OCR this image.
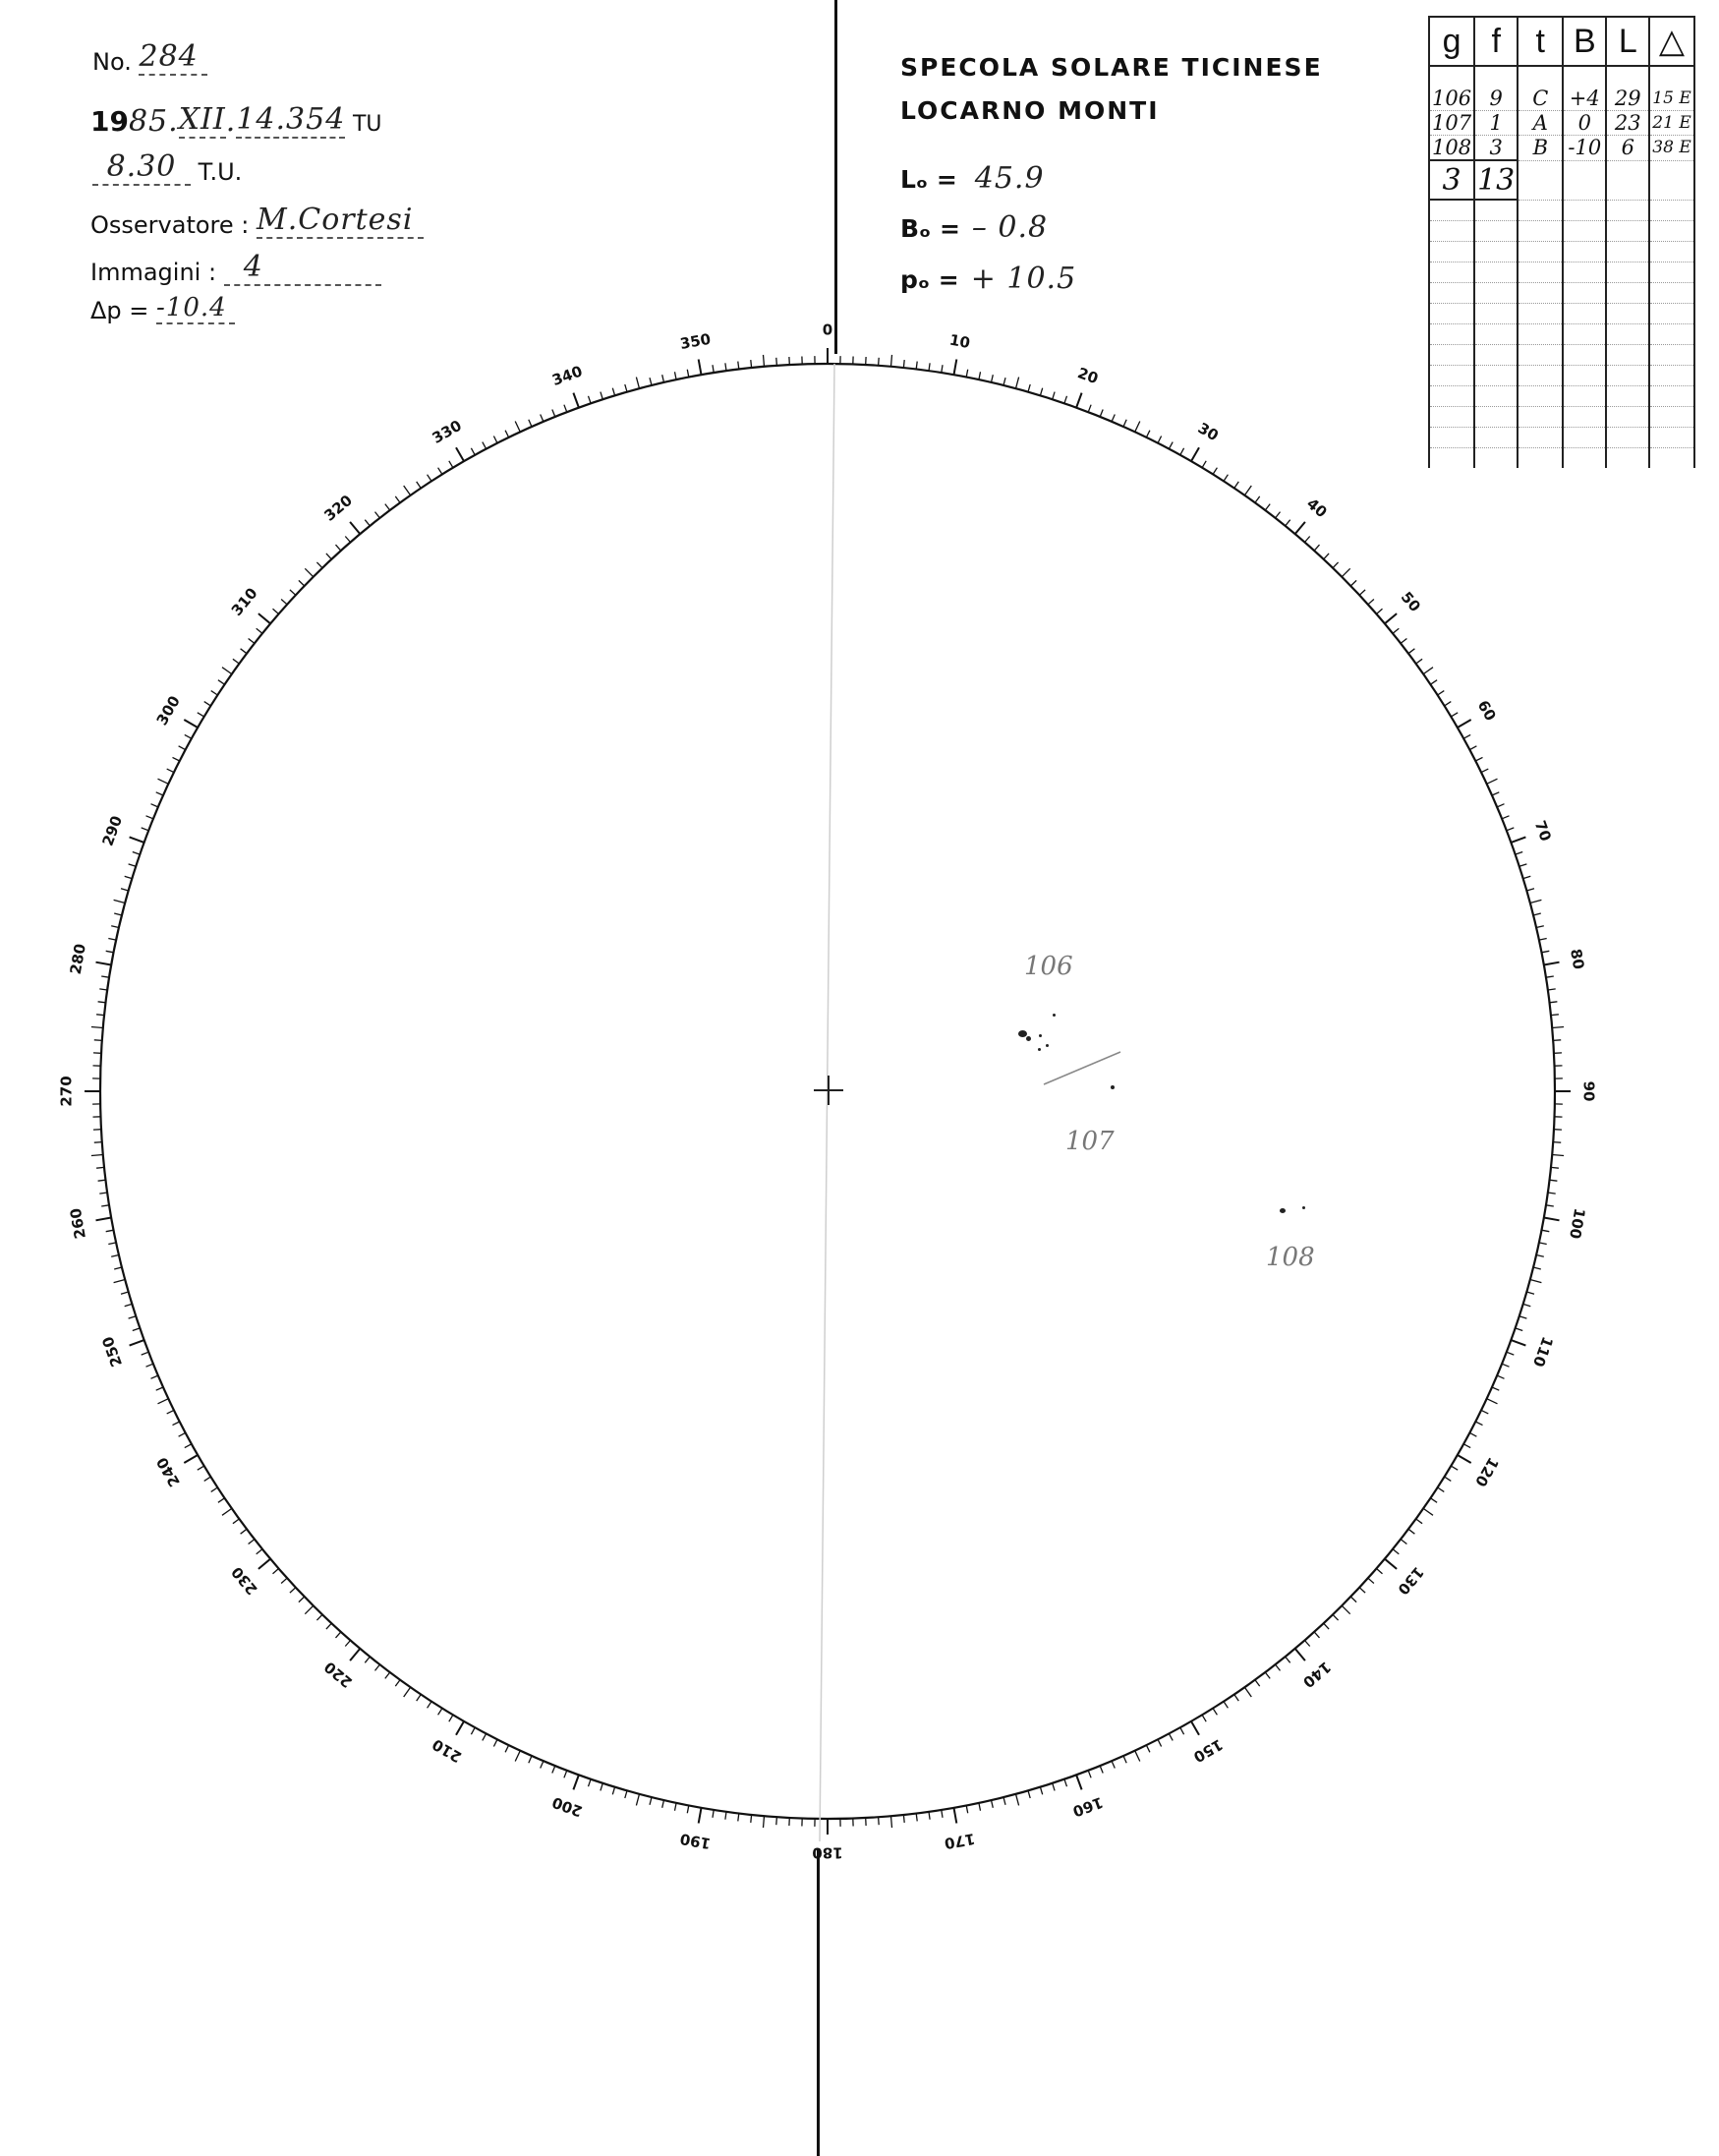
No. 284
1985.XII.14.354 TU
8.30 T.U.
Osservatore : M.Cortesi
Immagini : 4
Δp = -10.4
SPECOLA SOLARE TICINESE
LOCARNO MONTI
Lₒ = 45.9
Bₒ = – 0.8
pₒ = + 10.5
0
10
20
30
40
50
60
70
80
90
100
110
120
130
140
150
160
170
180
190
200
210
220
230
240
250
260
270
280
290
300
310
320
330
340
350
106
107
108
g	f	t	B	L	△

106	9	C	+4	29	15 E
107	1	A	0	23	21 E
108	3	B	-10	6	38 E
3	13				
